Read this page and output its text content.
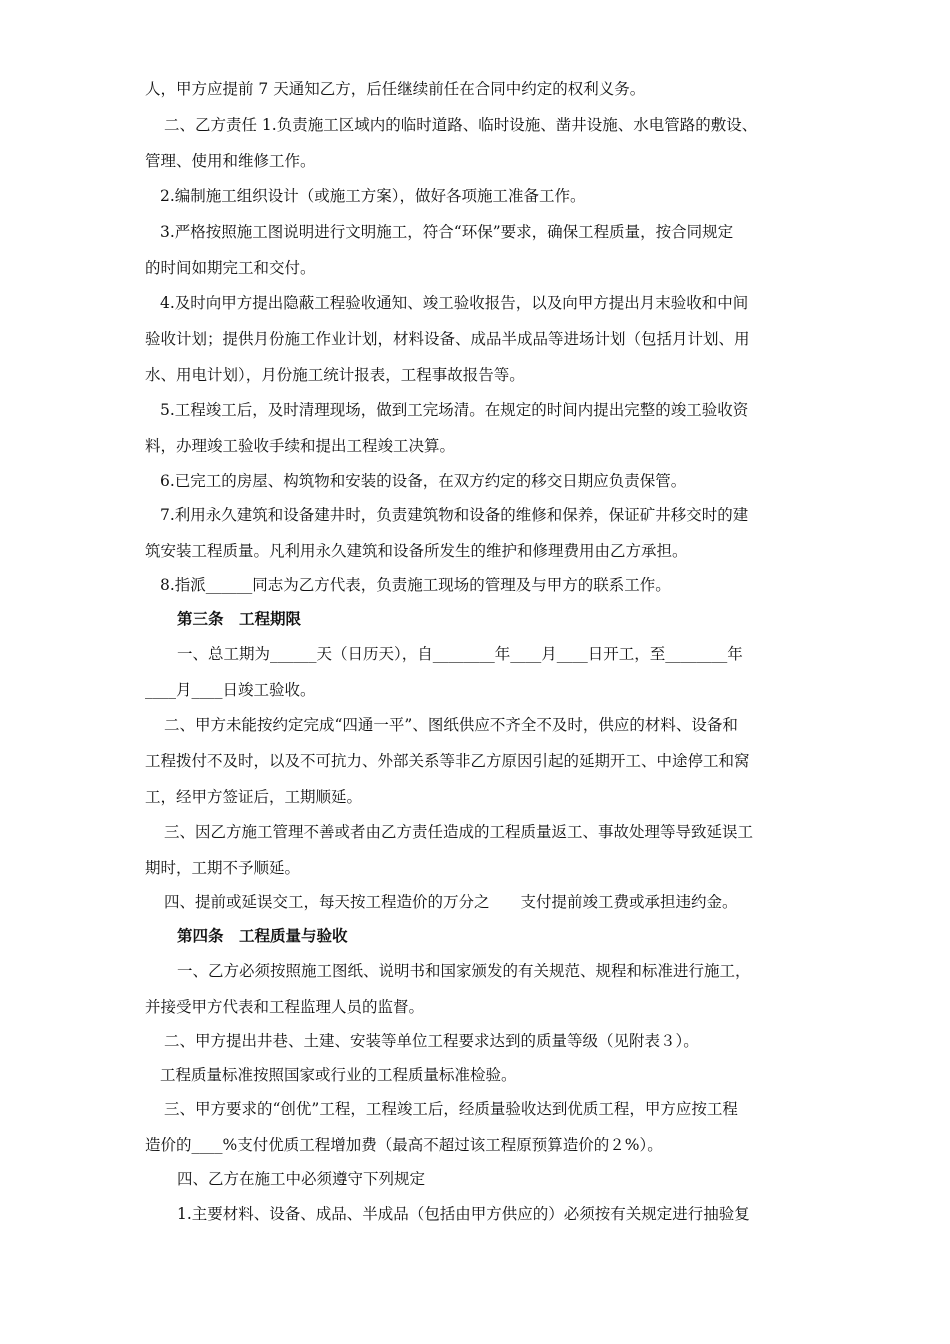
人，甲方应提前 7 天通知乙方，后任继续前任在合同中约定的权利义务。
二、乙方责任 1.负责施工区域内的临时道路、临时设施、凿井设施、水电管路的敷设、
管理、使用和维修工作。
2.编制施工组织设计（或施工方案），做好各项施工准备工作。
3.严格按照施工图说明进行文明施工，符合“环保”要求，确保工程质量，按合同规定
的时间如期完工和交付。
4.及时向甲方提出隐蔽工程验收通知、竣工验收报告，以及向甲方提出月末验收和中间
验收计划；提供月份施工作业计划，材料设备、成品半成品等进场计划（包括月计划、用
水、用电计划），月份施工统计报表，工程事故报告等。
5.工程竣工后，及时清理现场，做到工完场清。在规定的时间内提出完整的竣工验收资
料，办理竣工验收手续和提出工程竣工决算。
6.已完工的房屋、构筑物和安装的设备，在双方约定的移交日期应负责保管。
7.利用永久建筑和设备建井时，负责建筑物和设备的维修和保养，保证矿井移交时的建
筑安装工程质量。凡利用永久建筑和设备所发生的维护和修理费用由乙方承担。
8.指派______同志为乙方代表，负责施工现场的管理及与甲方的联系工作。
第三条　工程期限
一、总工期为______天（日历天），自________年____月____日开工，至________年
____月____日竣工验收。
二、甲方未能按约定完成“四通一平”、图纸供应不齐全不及时，供应的材料、设备和
工程拨付不及时，以及不可抗力、外部关系等非乙方原因引起的延期开工、中途停工和窝
工，经甲方签证后，工期顺延。
三、因乙方施工管理不善或者由乙方责任造成的工程质量返工、事故处理等导致延误工
期时，工期不予顺延。
四、提前或延误交工，每天按工程造价的万分之　　支付提前竣工费或承担违约金。
第四条　工程质量与验收
一、乙方必须按照施工图纸、说明书和国家颁发的有关规范、规程和标准进行施工，
并接受甲方代表和工程监理人员的监督。
二、甲方提出井巷、土建、安装等单位工程要求达到的质量等级（见附表３）。
工程质量标准按照国家或行业的工程质量标准检验。
三、甲方要求的“创优”工程，工程竣工后，经质量验收达到优质工程，甲方应按工程
造价的____%支付优质工程增加费（最高不超过该工程原预算造价的２%）。
四、乙方在施工中必须遵守下列规定
1.主要材料、设备、成品、半成品（包括由甲方供应的）必须按有关规定进行抽验复
